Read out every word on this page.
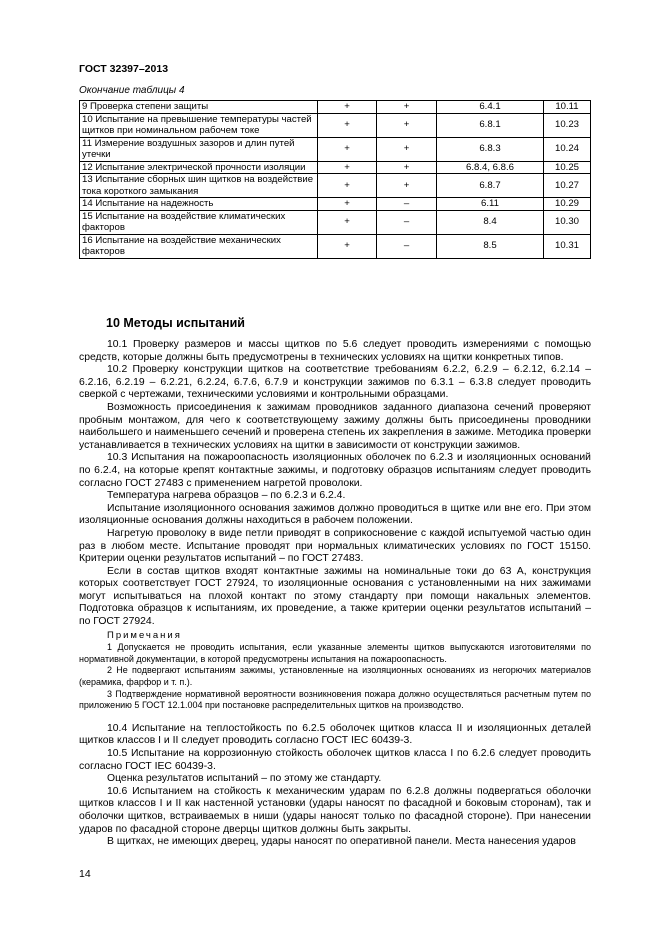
ГОСТ 32397–2013
Окончание таблицы 4
9 Проверка степени защиты	+	+	6.4.1	10.11
10 Испытание на превышение температуры частей щитков при номинальном рабочем токе	+	+	6.8.1	10.23
11 Измерение воздушных зазоров и длин путей утечки	+	+	6.8.3	10.24
12 Испытание электрической прочности изоляции	+	+	6.8.4, 6.8.6	10.25
13 Испытание сборных шин щитков на воздействие тока короткого замыкания	+	+	6.8.7	10.27
14 Испытание на надежность	+	–	6.11	10.29
15 Испытание на воздействие климатических факторов	+	–	8.4	10.30
16 Испытание на воздействие механических факторов	+	–	8.5	10.31
10 Методы испытаний

10.1 Проверку размеров и массы щитков по 5.6 следует проводить измерениями с помощью средств, которые должны быть предусмотрены в технических условиях на щитки конкретных типов.

10.2 Проверку конструкции щитков на соответствие требованиям 6.2.2, 6.2.9 – 6.2.12, 6.2.14 – 6.2.16, 6.2.19 – 6.2.21, 6.2.24, 6.7.6, 6.7.9 и конструкции зажимов по 6.3.1 – 6.3.8 следует проводить сверкой с чертежами, техническими условиями и контрольными образцами.

Возможность присоединения к зажимам проводников заданного диапазона сечений проверяют пробным монтажом, для чего к соответствующему зажиму должны быть присоединены проводники наибольшего и наименьшего сечений и проверена степень их закрепления в зажиме. Методика проверки устанавливается в технических условиях на щитки в зависимости от конструкции зажимов.

10.3 Испытания на пожароопасность изоляционных оболочек по 6.2.3 и изоляционных оснований по 6.2.4, на которые крепят контактные зажимы, и подготовку образцов испытаниям следует проводить согласно ГОСТ 27483 с применением нагретой проволоки.

Температура нагрева образцов – по 6.2.3 и 6.2.4.

Испытание изоляционного основания зажимов должно проводиться в щитке или вне его. При этом изоляционные основания должны находиться в рабочем положении.

Нагретую проволоку в виде петли приводят в соприкосновение с каждой испытуемой частью один раз в любом месте. Испытание проводят при нормальных климатических условиях по ГОСТ 15150. Критерии оценки результатов испытаний – по ГОСТ 27483.

Если в состав щитков входят контактные зажимы на номинальные токи до 63 А, конструкция которых соответствует ГОСТ 27924, то изоляционные основания с установленными на них зажимами могут испытываться на плохой контакт по этому стандарту при помощи накальных элементов. Подготовка образцов к испытаниям, их проведение, а также критерии оценки результатов испытаний – по ГОСТ 27924.

Примечания

1 Допускается не проводить испытания, если указанные элементы щитков выпускаются изготовителями по нормативной документации, в которой предусмотрены испытания на пожароопасность.

2 Не подвергают испытаниям зажимы, установленные на изоляционных основаниях из негорючих материалов (керамика, фарфор и т. п.).

3 Подтверждение нормативной вероятности возникновения пожара должно осуществляться расчетным путем по приложению 5 ГОСТ 12.1.004 при постановке распределительных щитков на производство.

10.4 Испытание на теплостойкость по 6.2.5 оболочек щитков класса II и изоляционных деталей щитков классов I и II следует проводить согласно ГОСТ IEC 60439-3.

10.5 Испытание на коррозионную стойкость оболочек щитков класса I по 6.2.6 следует проводить согласно ГОСТ IEC 60439-3.

Оценка результатов испытаний – по этому же стандарту.

10.6 Испытанием на стойкость к механическим ударам по 6.2.8 должны подвергаться оболочки щитков классов I и II как настенной установки (удары наносят по фасадной и боковым сторонам), так и оболочки щитков, встраиваемых в ниши (удары наносят только по фасадной стороне). При нанесении ударов по фасадной стороне дверцы щитков должны быть закрыты.

В щитках, не имеющих дверец, удары наносят по оперативной панели. Места нанесения ударов

14
